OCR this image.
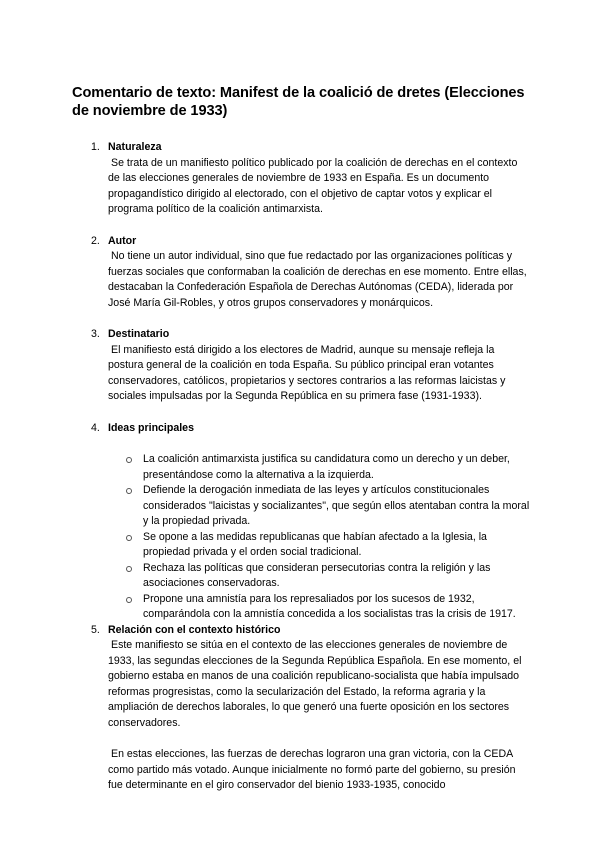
Comentario de texto: Manifest de la coalició de dretes (Elecciones de noviembre de 1933)
1. Naturaleza
Se trata de un manifiesto político publicado por la coalición de derechas en el contexto de las elecciones generales de noviembre de 1933 en España. Es un documento propagandístico dirigido al electorado, con el objetivo de captar votos y explicar el programa político de la coalición antimarxista.
2. Autor
No tiene un autor individual, sino que fue redactado por las organizaciones políticas y fuerzas sociales que conformaban la coalición de derechas en ese momento. Entre ellas, destacaban la Confederación Española de Derechas Autónomas (CEDA), liderada por José María Gil-Robles, y otros grupos conservadores y monárquicos.
3. Destinatario
El manifiesto está dirigido a los electores de Madrid, aunque su mensaje refleja la postura general de la coalición en toda España. Su público principal eran votantes conservadores, católicos, propietarios y sectores contrarios a las reformas laicistas y sociales impulsadas por la Segunda República en su primera fase (1931-1933).
4. Ideas principales
La coalición antimarxista justifica su candidatura como un derecho y un deber, presentándose como la alternativa a la izquierda.
Defiende la derogación inmediata de las leyes y artículos constitucionales considerados "laicistas y socializantes", que según ellos atentaban contra la moral y la propiedad privada.
Se opone a las medidas republicanas que habían afectado a la Iglesia, la propiedad privada y el orden social tradicional.
Rechaza las políticas que consideran persecutorias contra la religión y las asociaciones conservadoras.
Propone una amnistía para los represaliados por los sucesos de 1932, comparándola con la amnistía concedida a los socialistas tras la crisis de 1917.
5. Relación con el contexto histórico
Este manifiesto se sitúa en el contexto de las elecciones generales de noviembre de 1933, las segundas elecciones de la Segunda República Española. En ese momento, el gobierno estaba en manos de una coalición republicano-socialista que había impulsado reformas progresistas, como la secularización del Estado, la reforma agraria y la ampliación de derechos laborales, lo que generó una fuerte oposición en los sectores conservadores.
En estas elecciones, las fuerzas de derechas lograron una gran victoria, con la CEDA como partido más votado. Aunque inicialmente no formó parte del gobierno, su presión fue determinante en el giro conservador del bienio 1933-1935, conocido
